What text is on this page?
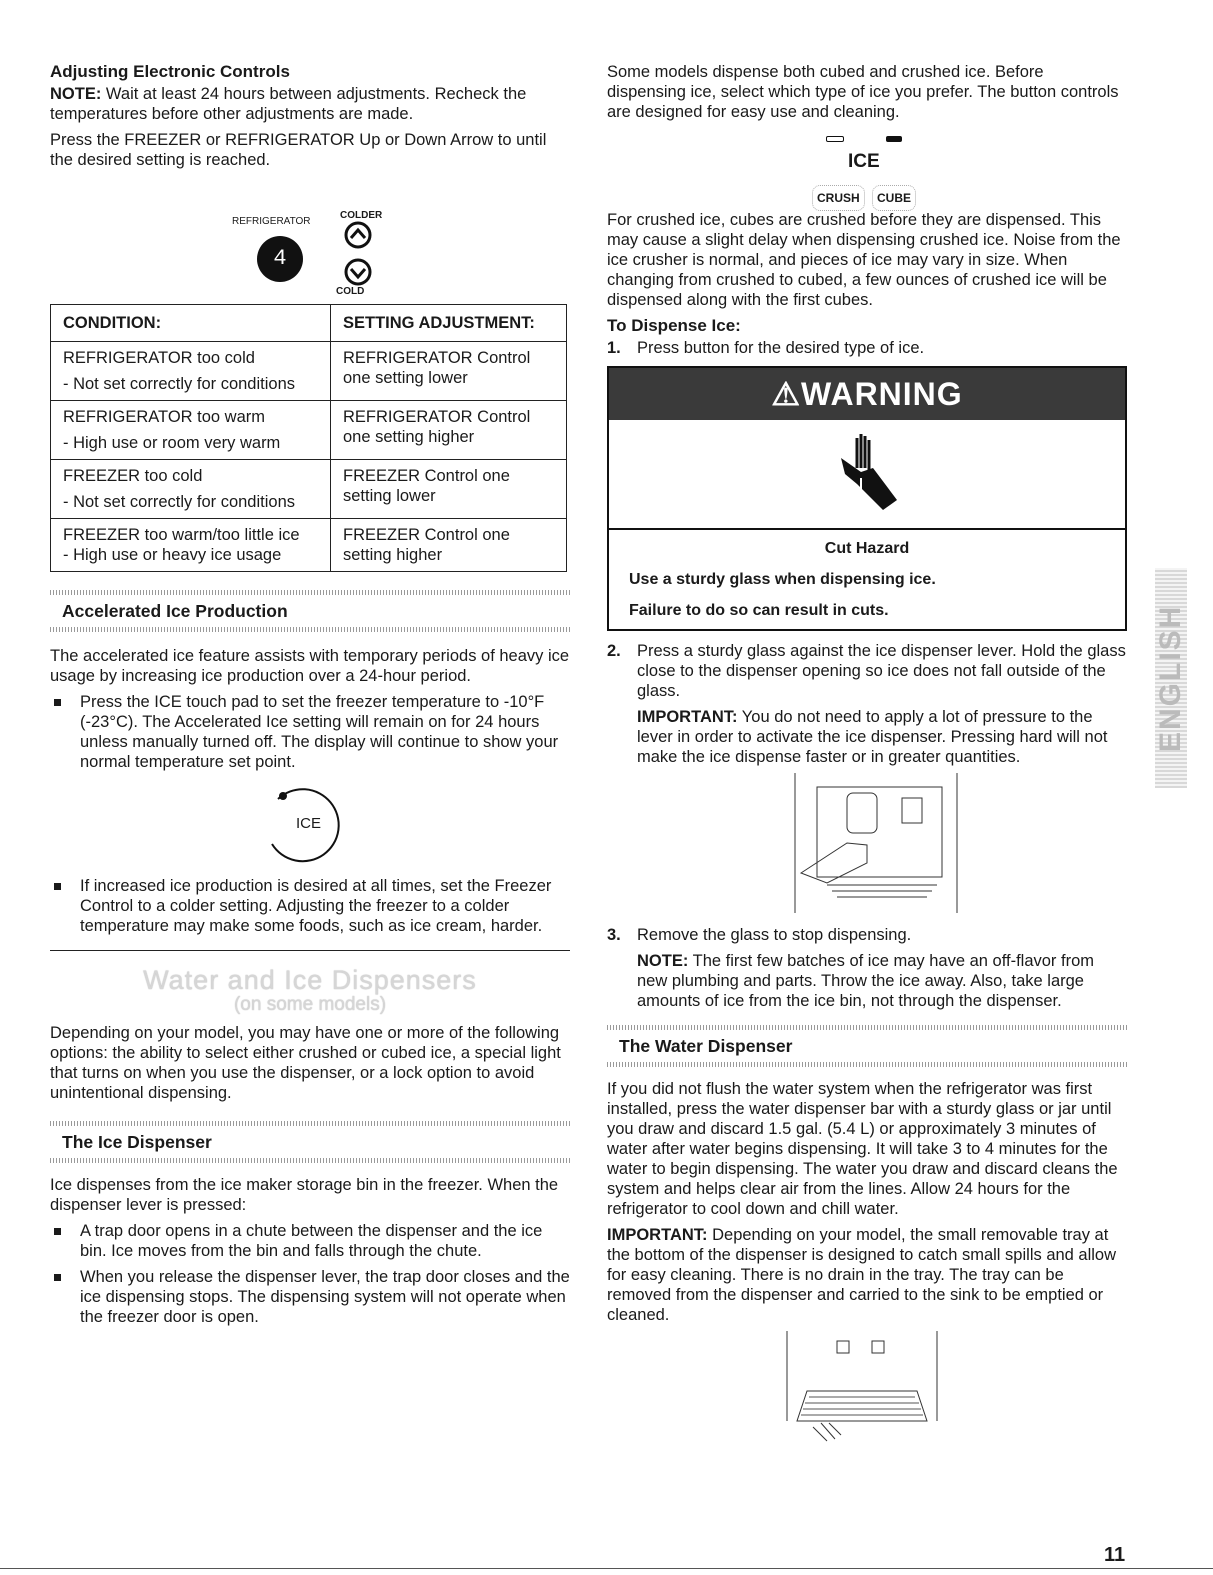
Adjusting Electronic Controls

NOTE: Wait at least 24 hours between adjustments. Recheck the temperatures before other adjustments are made.

Press the FREEZER or REFRIGERATOR Up or Down Arrow to until the desired setting is reached.

REFRIGERATOR
COLDER
4
COLD
CONDITION:	SETTING ADJUSTMENT:

REFRIGERATOR too cold
- Not set correctly for conditions	REFRIGERATOR Control one setting lower

REFRIGERATOR too warm
- High use or room very warm	REFRIGERATOR Control one setting higher

FREEZER too cold
- Not set correctly for conditions	FREEZER Control one setting lower

FREEZER too warm/too little ice
- High use or heavy ice usage	FREEZER Control one setting higher
Accelerated Ice Production

The accelerated ice feature assists with temporary periods of heavy ice usage by increasing ice production over a 24-hour period.

Press the ICE touch pad to set the freezer temperature to -10°F (-23°C). The Accelerated Ice setting will remain on for 24 hours unless manually turned off. The display will continue to show your normal temperature set point.
ICE
If increased ice production is desired at all times, set the Freezer Control to a colder setting. Adjusting the freezer to a colder temperature may make some foods, such as ice cream, harder.
Water and Ice Dispensers
(on some models)

Depending on your model, you may have one or more of the following options: the ability to select either crushed or cubed ice, a special light that turns on when you use the dispenser, or a lock option to avoid unintentional dispensing.

The Ice Dispenser

Ice dispenses from the ice maker storage bin in the freezer. When the dispenser lever is pressed:

A trap door opens in a chute between the dispenser and the ice bin. Ice moves from the bin and falls through the chute.
When you release the dispenser lever, the trap door closes and the ice dispensing stops. The dispensing system will not operate when the freezer door is open.

Some models dispense both cubed and crushed ice. Before dispensing ice, select which type of ice you prefer. The button controls are designed for easy use and cleaning.

ICE
CRUSH	CUBE

For crushed ice, cubes are crushed before they are dispensed. This may cause a slight delay when dispensing crushed ice. Noise from the ice crusher is normal, and pieces of ice may vary in size. When changing from crushed to cubed, a few ounces of crushed ice will be dispensed along with the first cubes.

To Dispense Ice:
1. Press button for the desired type of ice.
⚠WARNING
Cut Hazard
Use a sturdy glass when dispensing ice.
Failure to do so can result in cuts.
2. Press a sturdy glass against the ice dispenser lever. Hold the glass close to the dispenser opening so ice does not fall outside of the glass.

IMPORTANT: You do not need to apply a lot of pressure to the lever in order to activate the ice dispenser. Pressing hard will not make the ice dispense faster or in greater quantities.

3. Remove the glass to stop dispensing.

NOTE: The first few batches of ice may have an off-flavor from new plumbing and parts. Throw the ice away. Also, take large amounts of ice from the ice bin, not through the dispenser.

The Water Dispenser

If you did not flush the water system when the refrigerator was first installed, press the water dispenser bar with a sturdy glass or jar until you draw and discard 1.5 gal. (5.4 L) or approximately 3 minutes of water after water begins dispensing. It will take 3 to 4 minutes for the water to begin dispensing. The water you draw and discard cleans the system and helps clear air from the lines. Allow 24 hours for the refrigerator to cool down and chill water.

IMPORTANT: Depending on your model, the small removable tray at the bottom of the dispenser is designed to catch small spills and allow for easy cleaning. There is no drain in the tray. The tray can be removed from the dispenser and carried to the sink to be emptied or cleaned.

ENGLISH
11
